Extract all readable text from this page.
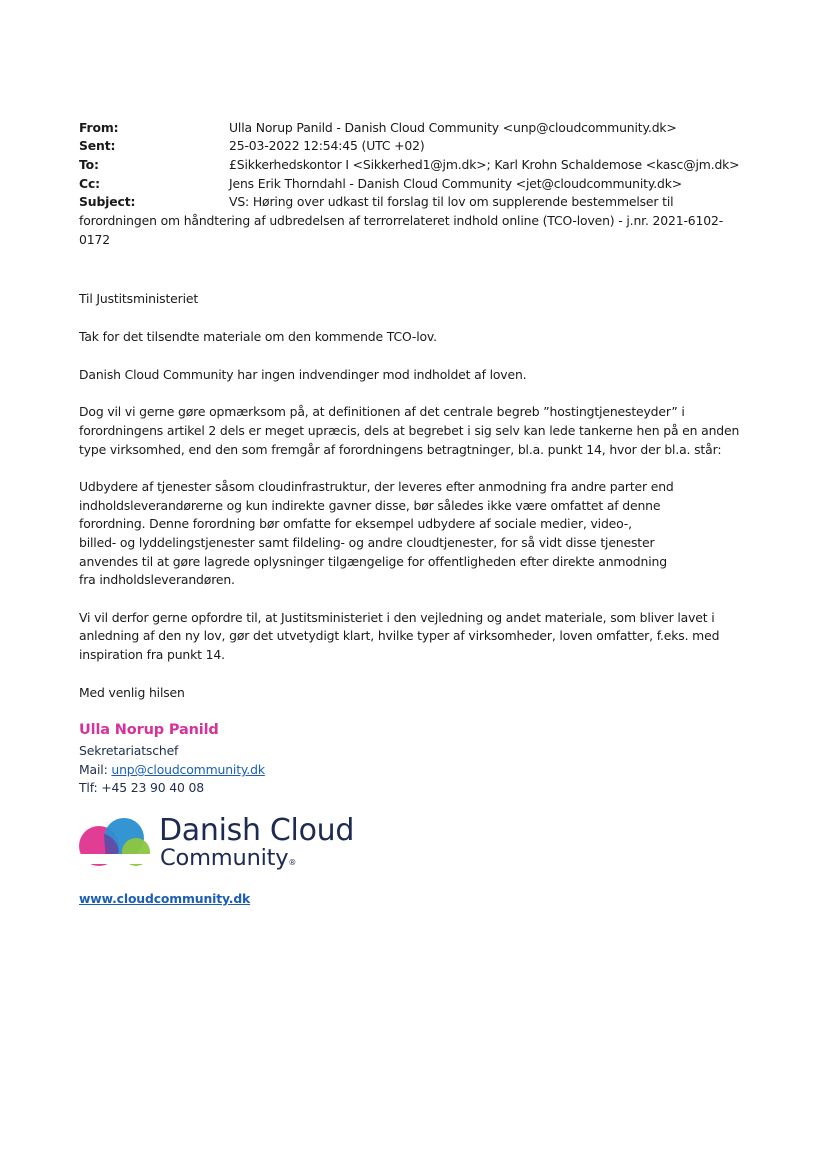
From:	Ulla Norup Panild - Danish Cloud Community <unp@cloudcommunity.dk>
Sent:	25-03-2022 12:54:45 (UTC +02)
To:	£Sikkerhedskontor I <Sikkerhed1@jm.dk>; Karl Krohn Schaldemose <kasc@jm.dk>
Cc:	Jens Erik Thorndahl - Danish Cloud Community <jet@cloudcommunity.dk>
Subject:	VS: Høring over udkast til forslag til lov om supplerende bestemmelser til
forordningen om håndtering af udbredelsen af terrorrelateret indhold online (TCO-loven) - j.nr. 2021-6102-
0172
Til Justitsministeriet
Tak for det tilsendte materiale om den kommende TCO-lov.
Danish Cloud Community har ingen indvendinger mod indholdet af loven.
Dog vil vi gerne gøre opmærksom på, at definitionen af det centrale begreb ”hostingtjenesteyder” i
forordningens artikel 2 dels er meget upræcis, dels at begrebet i sig selv kan lede tankerne hen på en anden
type virksomhed, end den som fremgår af forordningens betragtninger, bl.a. punkt 14, hvor der bl.a. står:
Udbydere af tjenester såsom cloudinfrastruktur, der leveres efter anmodning fra andre parter end
indholdsleverandørerne og kun indirekte gavner disse, bør således ikke være omfattet af denne
forordning. Denne forordning bør omfatte for eksempel udbydere af sociale medier, video-,
billed- og lyddelingstjenester samt fildeling- og andre cloudtjenester, for så vidt disse tjenester
anvendes til at gøre lagrede oplysninger tilgængelige for offentligheden efter direkte anmodning
fra indholdsleverandøren.
Vi vil derfor gerne opfordre til, at Justitsministeriet i den vejledning og andet materiale, som bliver lavet i
anledning af den ny lov, gør det utvetydigt klart, hvilke typer af virksomheder, loven omfatter, f.eks. med
inspiration fra punkt 14.
Med venlig hilsen
Ulla Norup Panild
Sekretariatschef
Mail: unp@cloudcommunity.dk
Tlf: +45 23 90 40 08
Danish Cloud
Community®
www.cloudcommunity.dk
